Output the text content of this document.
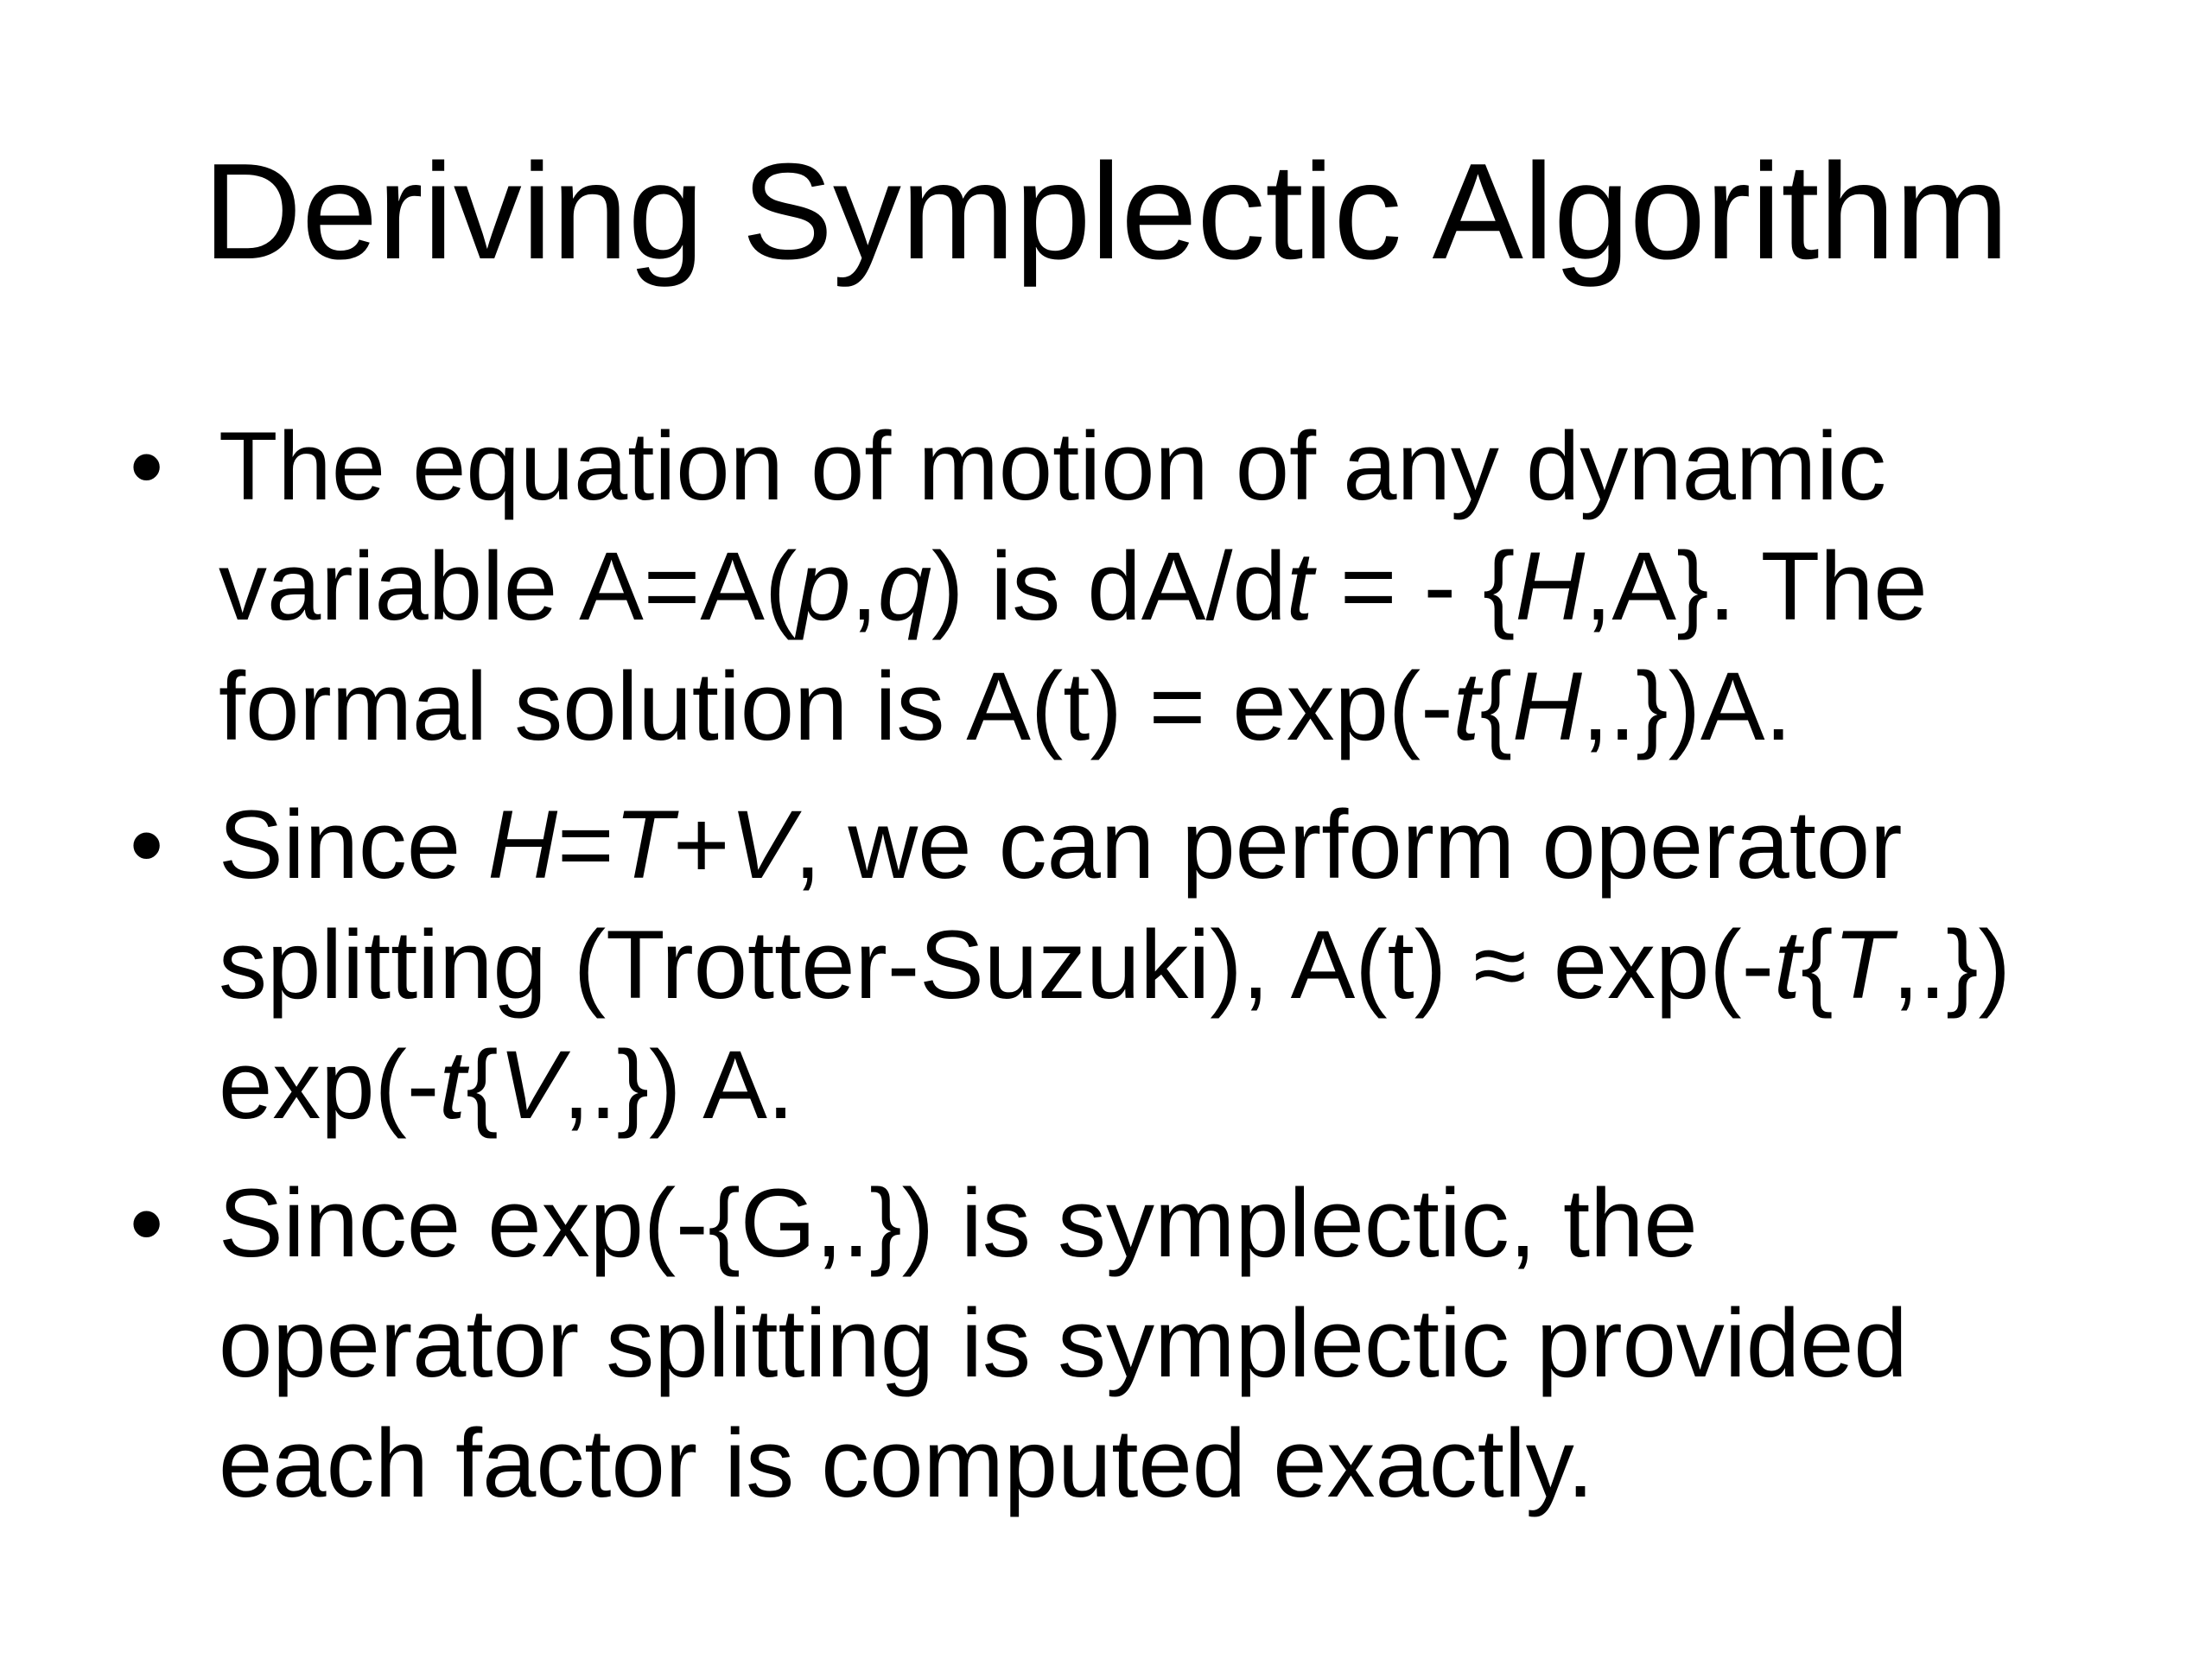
Deriving Symplectic Algorithm
• The equation of motion of any dynamic
variable A=A(p,q) is dA/dt = - {H,A}. The
formal solution is A(t) = exp(-t{H,.})A.
• Since H=T+V, we can perform operator
splitting (Trotter-Suzuki), A(t) ≈ exp(-t{T,.})
exp(-t{V,.}) A.
• Since exp(-{G,.}) is symplectic, the
operator splitting is symplectic provided
each factor is computed exactly.
